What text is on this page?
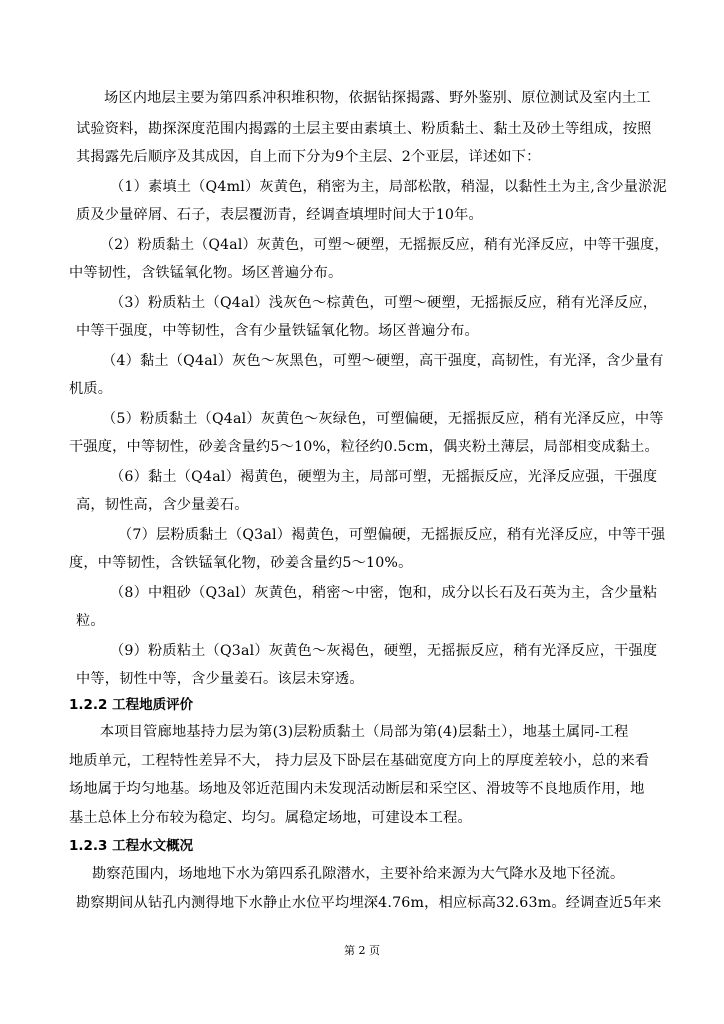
场区内地层主要为第四系冲积堆积物，依据钻探揭露、野外鉴别、原位测试及室内土工
试验资料，勘探深度范围内揭露的土层主要由素填土、粉质黏土、黏土及砂土等组成，按照
其揭露先后顺序及其成因，自上而下分为9个主层、2个亚层，详述如下：
（1）素填土（Q4ml）灰黄色，稍密为主，局部松散，稍湿，以黏性土为主,含少量淤泥
质及少量碎屑、石子，表层覆沥青，经调查填埋时间大于10年。
（2）粉质黏土（Q4al）灰黄色，可塑～硬塑，无摇振反应，稍有光泽反应，中等干强度，
中等韧性，含铁锰氧化物。场区普遍分布。
（3）粉质粘土（Q4al）浅灰色～棕黄色，可塑～硬塑，无摇振反应，稍有光泽反应，
中等干强度，中等韧性，含有少量铁锰氧化物。场区普遍分布。
（4）黏土（Q4al）灰色～灰黑色，可塑～硬塑，高干强度，高韧性，有光泽，含少量有
机质。
（5）粉质黏土（Q4al）灰黄色～灰绿色，可塑偏硬，无摇振反应，稍有光泽反应，中等
干强度，中等韧性，砂姜含量约5～10%，粒径约0.5cm，偶夹粉土薄层，局部相变成黏土。
（6）黏土（Q4al）褐黄色，硬塑为主，局部可塑，无摇振反应，光泽反应强，干强度
高，韧性高，含少量姜石。
（7）层粉质黏土（Q3al）褐黄色，可塑偏硬，无摇振反应，稍有光泽反应，中等干强
度，中等韧性，含铁锰氧化物，砂姜含量约5～10%。
（8）中粗砂（Q3al）灰黄色，稍密～中密，饱和，成分以长石及石英为主，含少量粘
粒。
（9）粉质粘土（Q3al）灰黄色～灰褐色，硬塑，无摇振反应，稍有光泽反应，干强度
中等，韧性中等，含少量姜石。该层未穿透。
1.2.2 工程地质评价
本项目管廊地基持力层为第(3)层粉质黏土（局部为第(4)层黏土），地基土属同-工程
地质单元，工程特性差异不大， 持力层及下卧层在基础宽度方向上的厚度差较小，总的来看
场地属于均匀地基。场地及邻近范围内未发现活动断层和采空区、滑坡等不良地质作用，地
基土总体上分布较为稳定、均匀。属稳定场地，可建设本工程。
1.2.3 工程水文概况
勘察范围内，场地地下水为第四系孔隙潜水，主要补给来源为大气降水及地下径流。
勘察期间从钻孔内测得地下水静止水位平均埋深4.76m，相应标高32.63m。经调查近5年来
第 2 页
